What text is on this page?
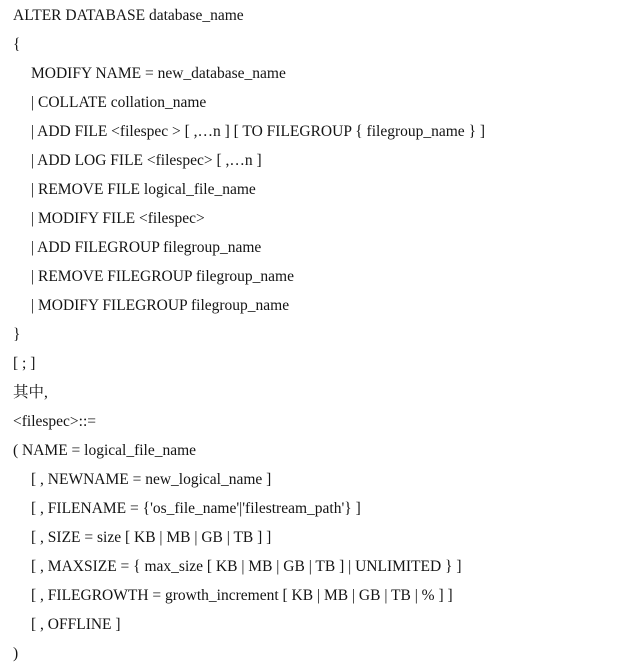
ALTER DATABASE database_name
{
MODIFY NAME = new_database_name
| COLLATE collation_name
| ADD FILE <filespec > [ ,…n ] [ TO FILEGROUP { filegroup_name } ]
| ADD LOG FILE <filespec> [ ,…n ]
| REMOVE FILE logical_file_name
| MODIFY FILE <filespec>
| ADD FILEGROUP filegroup_name
| REMOVE FILEGROUP filegroup_name
| MODIFY FILEGROUP filegroup_name
}
[ ; ]
其中,
<filespec>::=
( NAME = logical_file_name
[ , NEWNAME = new_logical_name ]
[ , FILENAME = {'os_file_name'|'filestream_path'} ]
[ , SIZE = size [ KB | MB | GB | TB ] ]
[ , MAXSIZE = { max_size [ KB | MB | GB | TB ] | UNLIMITED } ]
[ , FILEGROWTH = growth_increment [ KB | MB | GB | TB | % ] ]
[ , OFFLINE ]
)
